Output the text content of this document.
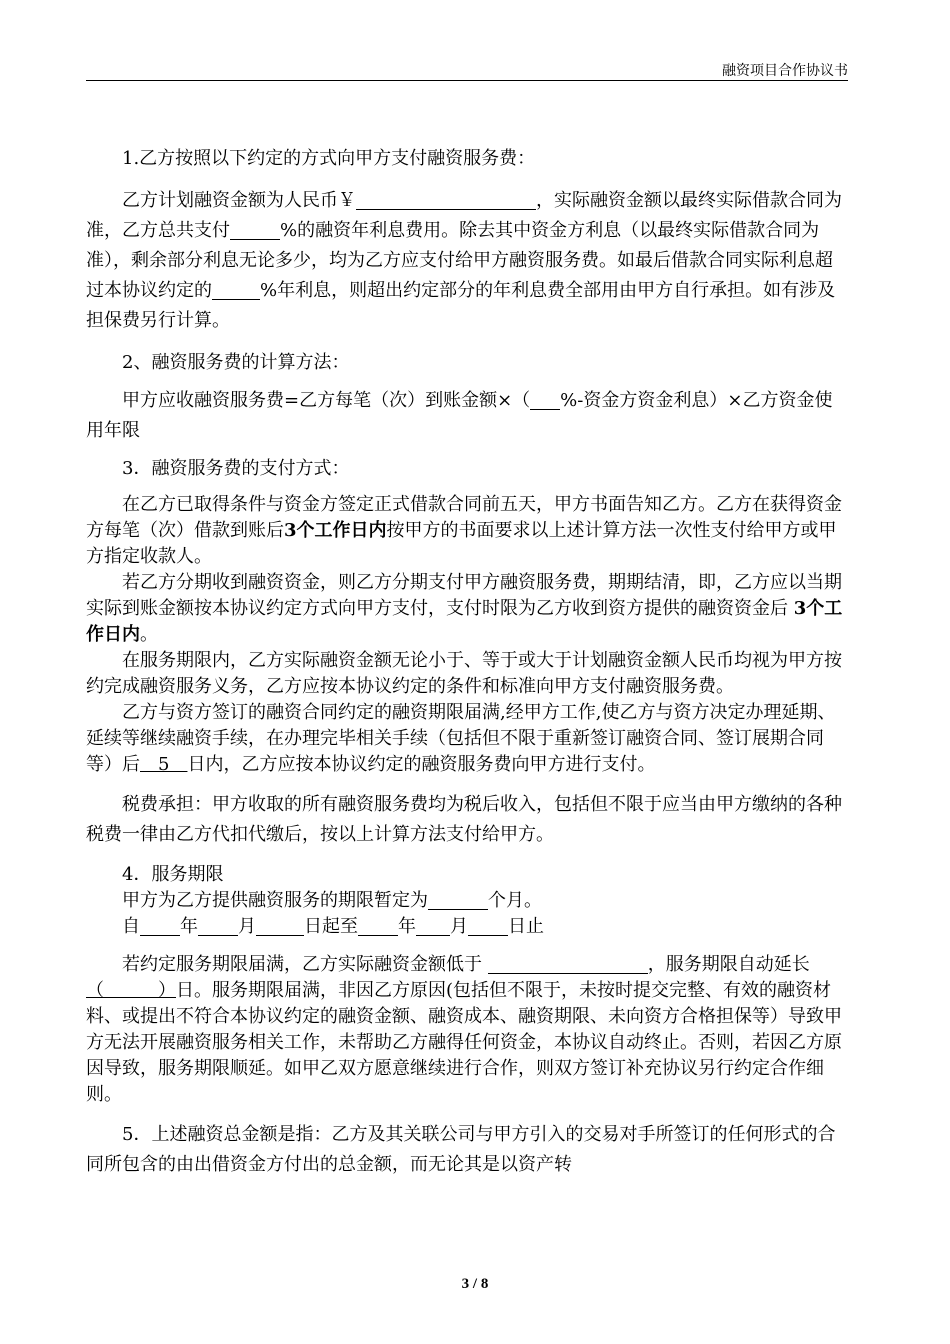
融资项目合作协议书

1.乙方按照以下约定的方式向甲方支付融资服务费：

乙方计划融资金额为人民币￥	，实际融资金额以最终实际借款合同为准，乙方总共支付	%的融资年利息费用。除去其中资金方利息（以最终实际借款合同为准），剩余部分利息无论多少，均为乙方应支付给甲方融资服务费。如最后借款合同实际利息超过本协议约定的	%年利息，则超出约定部分的年利息费全部用由甲方自行承担。如有涉及担保费另行计算。

2、融资服务费的计算方法：

甲方应收融资服务费=乙方每笔（次）到账金额×（ %-资金方资金利息）×乙方资金使用年限

3．融资服务费的支付方式：

在乙方已取得条件与资金方签定正式借款合同前五天，甲方书面告知乙方。乙方在获得资金方每笔（次）借款到账后3个工作日内按甲方的书面要求以上述计算方法一次性支付给甲方或甲方指定收款人。

若乙方分期收到融资资金，则乙方分期支付甲方融资服务费，期期结清，即，乙方应以当期实际到账金额按本协议约定方式向甲方支付，支付时限为乙方收到资方提供的融资资金后 3个工作日内。

在服务期限内，乙方实际融资金额无论小于、等于或大于计划融资金额人民币均视为甲方按约完成融资服务义务，乙方应按本协议约定的条件和标准向甲方支付融资服务费。

乙方与资方签订的融资合同约定的融资期限届满,经甲方工作,使乙方与资方决定办理延期、延续等继续融资手续，在办理完毕相关手续（包括但不限于重新签订融资合同、签订展期合同等）后　5　日内，乙方应按本协议约定的融资服务费向甲方进行支付。

税费承担：甲方收取的所有融资服务费均为税后收入，包括但不限于应当由甲方缴纳的各种税费一律由乙方代扣代缴后，按以上计算方法支付给甲方。

4．服务期限

甲方为乙方提供融资服务的期限暂定为	个月。

自 年 月	日起至 年 月 日止

若约定服务期限届满，乙方实际融资金额低于	，服务期限自动延长（　　　）日。服务期限届满，非因乙方原因(包括但不限于，未按时提交完整、有效的融资材料、或提出不符合本协议约定的融资金额、融资成本、融资期限、未向资方合格担保等）导致甲方无法开展融资服务相关工作，未帮助乙方融得任何资金，本协议自动终止。否则，若因乙方原因导致，服务期限顺延。如甲乙双方愿意继续进行合作，则双方签订补充协议另行约定合作细则。

5．上述融资总金额是指：乙方及其关联公司与甲方引入的交易对手所签订的任何形式的合同所包含的由出借资金方付出的总金额，而无论其是以资产转

3 / 8
